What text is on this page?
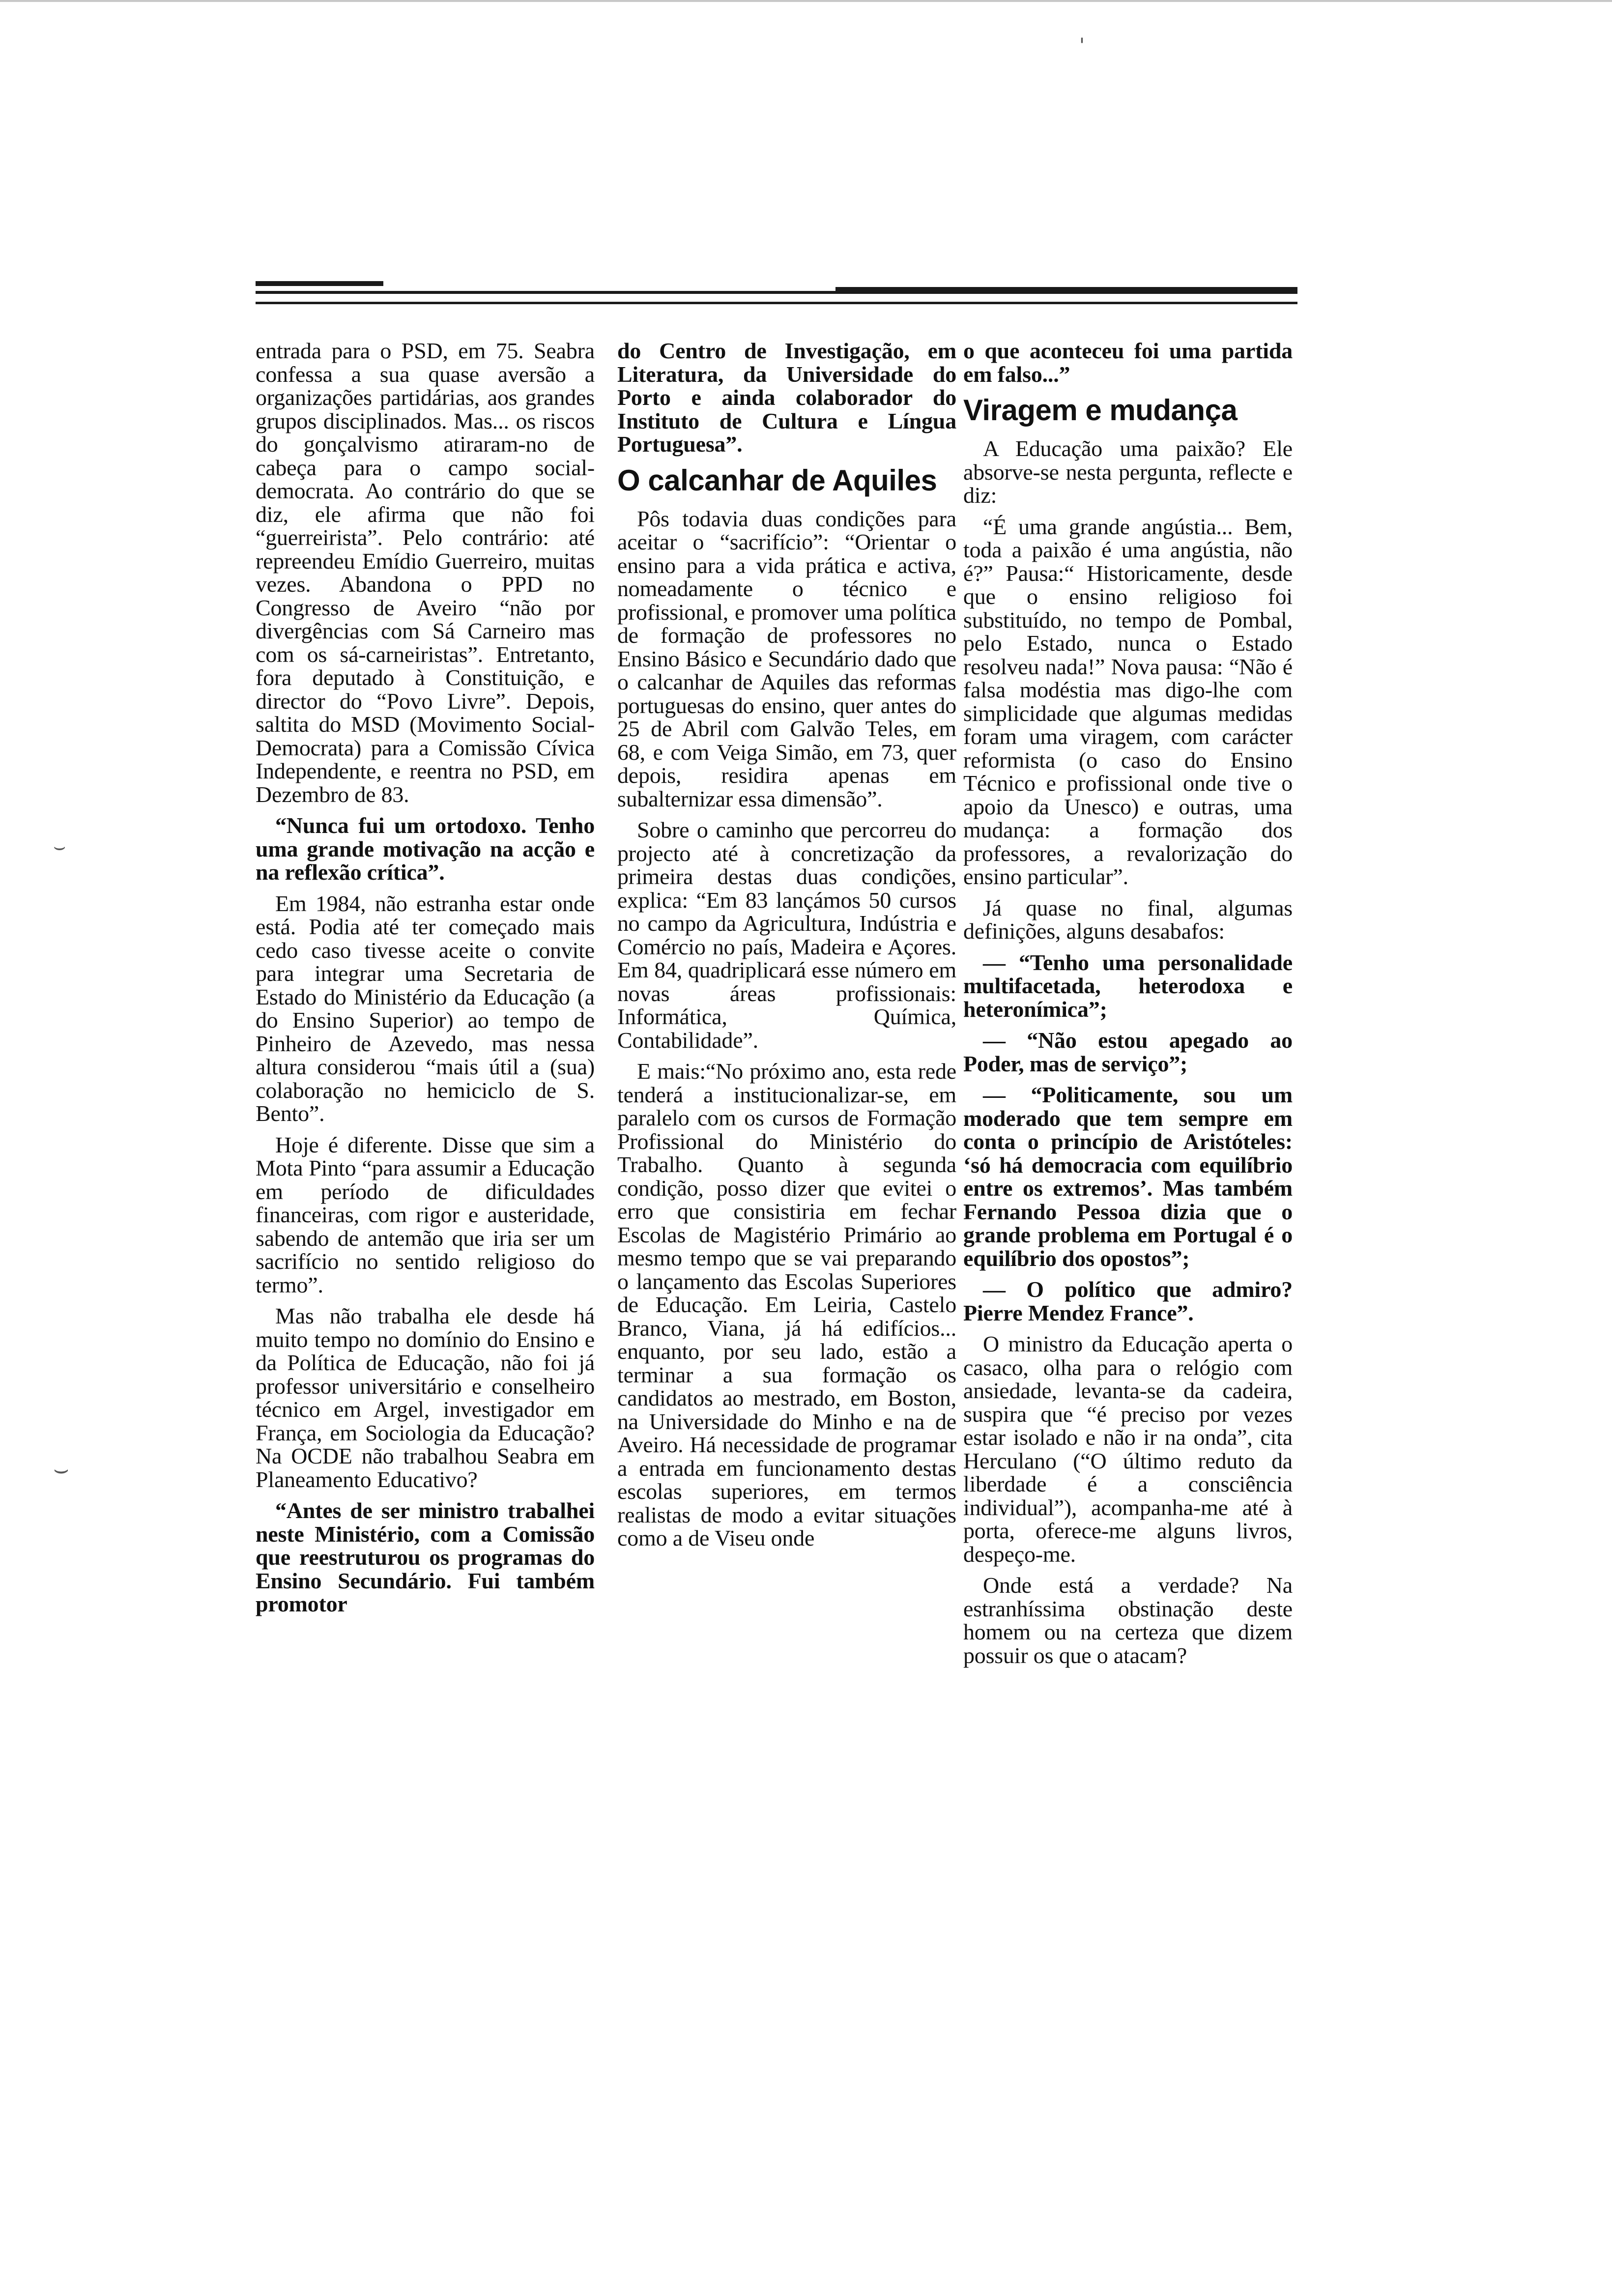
'
⌣
⌣

entrada para o PSD, em 75. Seabra confessa a sua quase aversão a organizações partidárias, aos grandes grupos disciplinados. Mas... os riscos do gonçalvismo atiraram-no de cabeça para o campo social-democrata. Ao contrário do que se diz, ele afirma que não foi “guerreirista”. Pelo contrário: até repreendeu Emídio Guerreiro, muitas vezes. Abandona o PPD no Congresso de Aveiro “não por divergências com Sá Carneiro mas com os sá-carneiristas”. Entretanto, fora deputado à Constituição, e director do “Povo Livre”. Depois, saltita do MSD (Movimento Social-Democrata) para a Comissão Cívica Independente, e reentra no PSD, em Dezembro de 83.

“Nunca fui um ortodoxo. Tenho uma grande motivação na acção e na reflexão crítica”.

Em 1984, não estranha estar onde está. Podia até ter começado mais cedo caso tivesse aceite o convite para integrar uma Secretaria de Estado do Ministério da Educação (a do Ensino Superior) ao tempo de Pinheiro de Azevedo, mas nessa altura considerou “mais útil a (sua) colaboração no hemiciclo de S. Bento”.

Hoje é diferente. Disse que sim a Mota Pinto “para assumir a Educação em período de dificuldades financeiras, com rigor e austeridade, sabendo de antemão que iria ser um sacrifício no sentido religioso do termo”.

Mas não trabalha ele desde há muito tempo no domínio do Ensino e da Política de Educação, não foi já professor universitário e conselheiro técnico em Argel, investigador em França, em Sociologia da Educação? Na OCDE não trabalhou Seabra em Planeamento Educativo?

“Antes de ser ministro trabalhei neste Ministério, com a Comissão que reestruturou os programas do Ensino Secundário. Fui também promotor

do Centro de Investigação, em Literatura, da Universidade do Porto e ainda colaborador do Instituto de Cultura e Língua Portuguesa”.

O calcanhar de Aquiles

Pôs todavia duas condições para aceitar o “sacrifício”: “Orientar o ensino para a vida prática e activa, nomeadamente o técnico e profissional, e promover uma política de formação de professores no Ensino Básico e Secundário dado que o calcanhar de Aquiles das reformas portuguesas do ensino, quer antes do 25 de Abril com Galvão Teles, em 68, e com Veiga Simão, em 73, quer depois, residira apenas em subalternizar essa dimensão”.

Sobre o caminho que percorreu do projecto até à concretização da primeira destas duas condições, explica: “Em 83 lançámos 50 cursos no campo da Agricultura, Indústria e Comércio no país, Madeira e Açores. Em 84, quadriplicará esse número em novas áreas profissionais: Informática, Química, Contabilidade”.

E mais:“No próximo ano, esta rede tenderá a institucionalizar-se, em paralelo com os cursos de Formação Profissional do Ministério do Trabalho. Quanto à segunda condição, posso dizer que evitei o erro que consistiria em fechar Escolas de Magistério Primário ao mesmo tempo que se vai preparando o lançamento das Escolas Superiores de Educação. Em Leiria, Castelo Branco, Viana, já há edifícios... enquanto, por seu lado, estão a terminar a sua formação os candidatos ao mestrado, em Boston, na Universidade do Minho e na de Aveiro. Há necessidade de programar a entrada em funcionamento destas escolas superiores, em termos realistas de modo a evitar situações como a de Viseu onde

o que aconteceu foi uma partida em falso...”

Viragem e mudança

A Educação uma paixão? Ele absorve-se nesta pergunta, reflecte e diz:

“É uma grande angústia... Bem, toda a paixão é uma angústia, não é?” Pausa:“ Historicamente, desde que o ensino religioso foi substituído, no tempo de Pombal, pelo Estado, nunca o Estado resolveu nada!” Nova pausa: “Não é falsa modéstia mas digo-lhe com simplicidade que algumas medidas foram uma viragem, com carácter reformista (o caso do Ensino Técnico e profissional onde tive o apoio da Unesco) e outras, uma mudança: a formação dos professores, a revalorização do ensino particular”.

Já quase no final, algumas definições, alguns desabafos:

— “Tenho uma personalidade multifacetada, heterodoxa e heteronímica”;

— “Não estou apegado ao Poder, mas de serviço”;

— “Politicamente, sou um moderado que tem sempre em conta o princípio de Aristóteles: ‘só há democracia com equilíbrio entre os extremos’. Mas também Fernando Pessoa dizia que o grande problema em Portugal é o equilíbrio dos opostos”;

— O político que admiro? Pierre Mendez France”.

O ministro da Educação aperta o casaco, olha para o relógio com ansiedade, levanta-se da cadeira, suspira que “é preciso por vezes estar isolado e não ir na onda”, cita Herculano (“O último reduto da liberdade é a consciência individual”), acompanha-me até à porta, oferece-me alguns livros, despeço-me.

Onde está a verdade? Na estranhíssima obstinação deste homem ou na certeza que dizem possuir os que o atacam?
